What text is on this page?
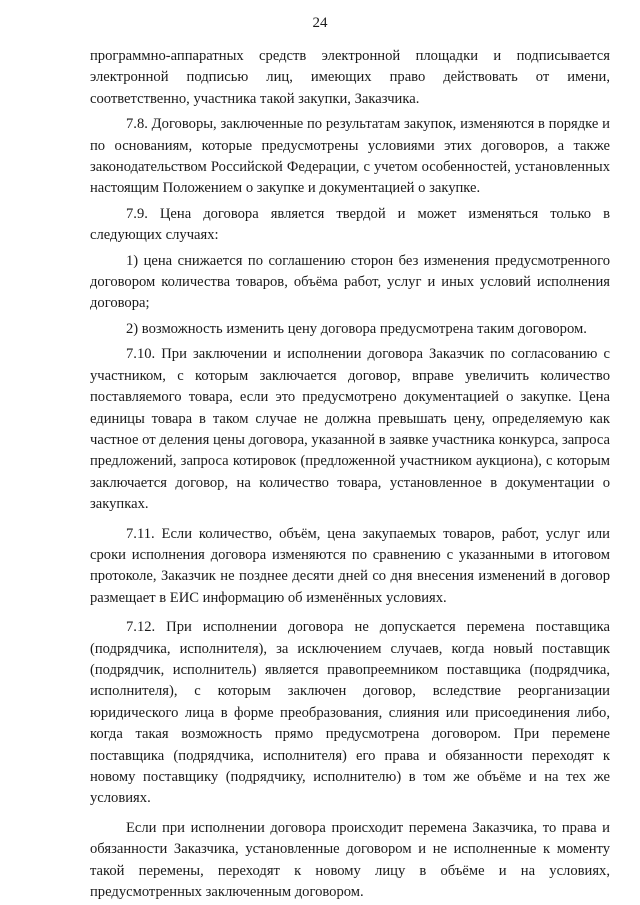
24

программно-аппаратных средств электронной площадки и подписывается электронной подписью лиц, имеющих право действовать от имени, соответственно, участника такой закупки, Заказчика.

7.8. Договоры, заключенные по результатам закупок, изменяются в порядке и по основаниям, которые предусмотрены условиями этих договоров, а также законодательством Российской Федерации, с учетом особенностей, установленных настоящим Положением о закупке и документацией о закупке.

7.9. Цена договора является твердой и может изменяться только в следующих случаях:

1) цена снижается по соглашению сторон без изменения предусмотренного договором количества товаров, объёма работ, услуг и иных условий исполнения договора;

2) возможность изменить цену договора предусмотрена таким договором.

7.10. При заключении и исполнении договора Заказчик по согласованию с участником, с которым заключается договор, вправе увеличить количество поставляемого товара, если это предусмотрено документацией о закупке. Цена единицы товара в таком случае не должна превышать цену, определяемую как частное от деления цены договора, указанной в заявке участника конкурса, запроса предложений, запроса котировок (предложенной участником аукциона), с которым заключается договор, на количество товара, установленное в документации о закупках.

7.11. Если количество, объём, цена закупаемых товаров, работ, услуг или сроки исполнения договора изменяются по сравнению с указанными в итоговом протоколе, Заказчик не позднее десяти дней со дня внесения изменений в договор размещает в ЕИС информацию об изменённых условиях.

7.12. При исполнении договора не допускается перемена поставщика (подрядчика, исполнителя), за исключением случаев, когда новый поставщик (подрядчик, исполнитель) является правопреемником поставщика (подрядчика, исполнителя), с которым заключен договор, вследствие реорганизации юридического лица в форме преобразования, слияния или присоединения либо, когда такая возможность прямо предусмотрена договором. При перемене поставщика (подрядчика, исполнителя) его права и обязанности переходят к новому поставщику (подрядчику, исполнителю) в том же объёме и на тех же условиях.

Если при исполнении договора происходит перемена Заказчика, то права и обязанности Заказчика, установленные договором и не исполненные к моменту такой перемены, переходят к новому лицу в объёме и на условиях, предусмотренных заключенным договором.
